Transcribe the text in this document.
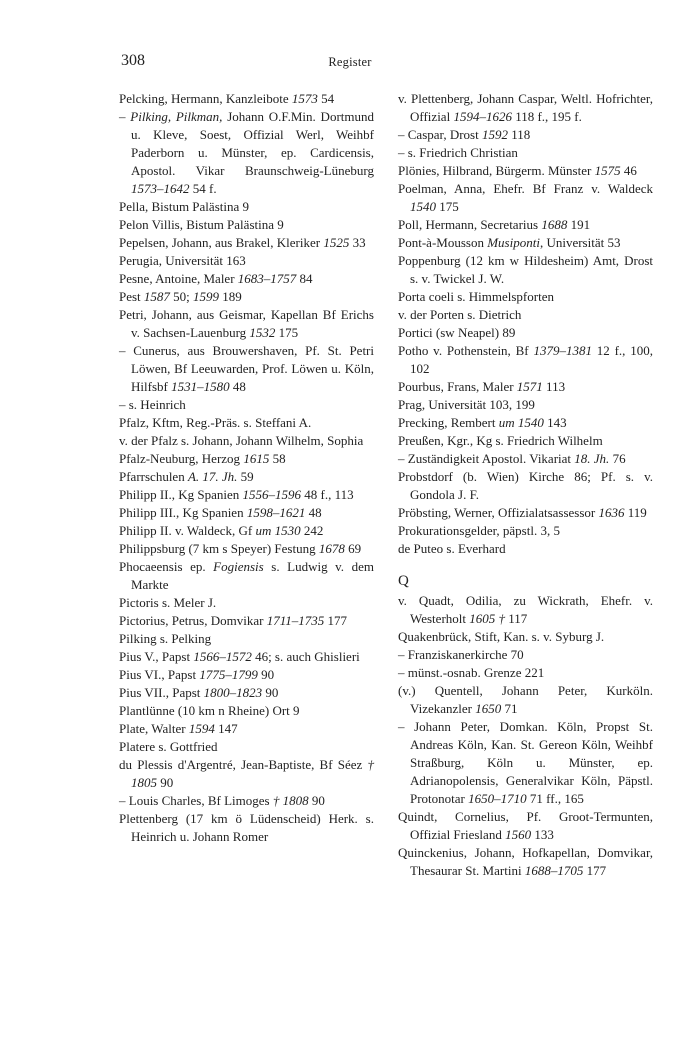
308	Register
Pelcking, Hermann, Kanzleibote 1573 54
– Pilking, Pilkman, Johann O.F.Min. Dortmund u. Kleve, Soest, Offizial Werl, Weihbf Paderborn u. Münster, ep. Cardicensis, Apostol. Vikar Braunschweig-Lüneburg 1573–1642 54 f.
Pella, Bistum Palästina 9
Pelon Villis, Bistum Palästina 9
Pepelsen, Johann, aus Brakel, Kleriker 1525 33
Perugia, Universität 163
Pesne, Antoine, Maler 1683–1757 84
Pest 1587 50; 1599 189
Petri, Johann, aus Geismar, Kapellan Bf Erichs v. Sachsen-Lauenburg 1532 175
– Cunerus, aus Brouwershaven, Pf. St. Petri Löwen, Bf Leeuwarden, Prof. Löwen u. Köln, Hilfsbf 1531–1580 48
– s. Heinrich
Pfalz, Kftm, Reg.-Präs. s. Steffani A.
v. der Pfalz s. Johann, Johann Wilhelm, Sophia
Pfalz-Neuburg, Herzog 1615 58
Pfarrschulen A. 17. Jh. 59
Philipp II., Kg Spanien 1556–1596 48 f., 113
Philipp III., Kg Spanien 1598–1621 48
Philipp II. v. Waldeck, Gf um 1530 242
Philippsburg (7 km s Speyer) Festung 1678 69
Phocaeensis ep. Fogiensis s. Ludwig v. dem Markte
Pictoris s. Meler J.
Pictorius, Petrus, Domvikar 1711–1735 177
Pilking s. Pelking
Pius V., Papst 1566–1572 46; s. auch Ghislieri
Pius VI., Papst 1775–1799 90
Pius VII., Papst 1800–1823 90
Plantlünne (10 km n Rheine) Ort 9
Plate, Walter 1594 147
Platere s. Gottfried
du Plessis d'Argentré, Jean-Baptiste, Bf Séez † 1805 90
– Louis Charles, Bf Limoges † 1808 90
Plettenberg (17 km ö Lüdenscheid) Herk. s. Heinrich u. Johann Romer
v. Plettenberg, Johann Caspar, Weltl. Hofrichter, Offizial 1594–1626 118 f., 195 f.
– Caspar, Drost 1592 118
– s. Friedrich Christian
Plönies, Hilbrand, Bürgerm. Münster 1575 46
Poelman, Anna, Ehefr. Bf Franz v. Waldeck 1540 175
Poll, Hermann, Secretarius 1688 191
Pont-à-Mousson Musiponti, Universität 53
Poppenburg (12 km w Hildesheim) Amt, Drost s. v. Twickel J. W.
Porta coeli s. Himmelspforten
v. der Porten s. Dietrich
Portici (sw Neapel) 89
Potho v. Pothenstein, Bf 1379–1381 12 f., 100, 102
Pourbus, Frans, Maler 1571 113
Prag, Universität 103, 199
Precking, Rembert um 1540 143
Preußen, Kgr., Kg s. Friedrich Wilhelm
– Zuständigkeit Apostol. Vikariat 18. Jh. 76
Probstdorf (b. Wien) Kirche 86; Pf. s. v. Gondola J. F.
Pröbsting, Werner, Offizialatsassessor 1636 119
Prokurationsgelder, päpstl. 3, 5
de Puteo s. Everhard
Q
v. Quadt, Odilia, zu Wickrath, Ehefr. v. Westerholt 1605 † 117
Quakenbrück, Stift, Kan. s. v. Syburg J.
– Franziskanerkirche 70
– münst.-osnab. Grenze 221
(v.) Quentell, Johann Peter, Kurköln. Vizekanzler 1650 71
– Johann Peter, Domkan. Köln, Propst St. Andreas Köln, Kan. St. Gereon Köln, Weihbf Straßburg, Köln u. Münster, ep. Adrianopolensis, Generalvikar Köln, Päpstl. Protonotar 1650–1710 71 ff., 165
Quindt, Cornelius, Pf. Groot-Termunten, Offizial Friesland 1560 133
Quinckenius, Johann, Hofkapellan, Domvikar, Thesaurar St. Martini 1688–1705 177
